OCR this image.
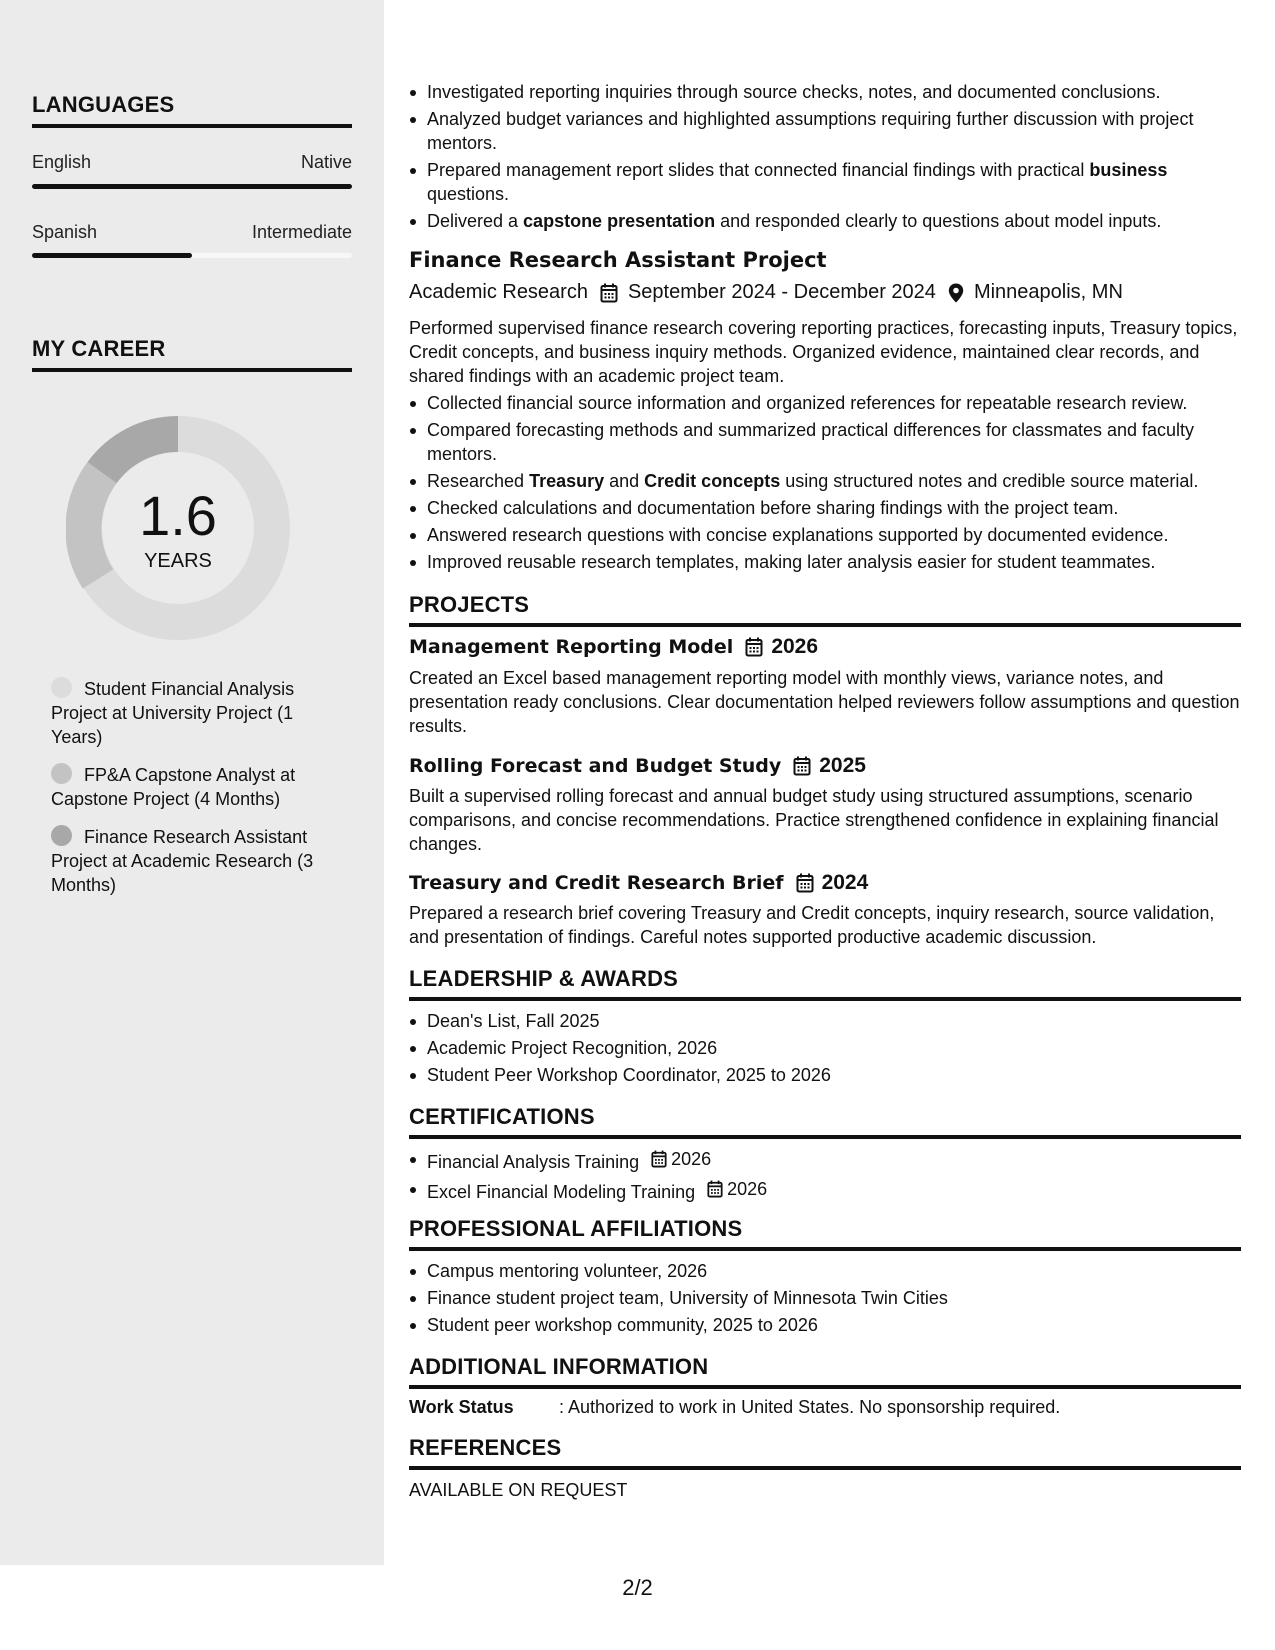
LANGUAGES
English	Native
Spanish	Intermediate
MY CAREER
1.6
YEARS
Student Financial Analysis Project at University Project (1 Years)
FP&A Capstone Analyst at Capstone Project (4 Months)
Finance Research Assistant Project at Academic Research (3 Months)
Investigated reporting inquiries through source checks, notes, and documented conclusions.
Analyzed budget variances and highlighted assumptions requiring further discussion with project mentors.
Prepared management report slides that connected financial findings with practical business questions.
Delivered a capstone presentation and responded clearly to questions about model inputs.
Finance Research Assistant Project
Academic Research September 2024 - December 2024 Minneapolis, MN
Performed supervised finance research covering reporting practices, forecasting inputs, Treasury topics, Credit concepts, and business inquiry methods. Organized evidence, maintained clear records, and shared findings with an academic project team.
Collected financial source information and organized references for repeatable research review.
Compared forecasting methods and summarized practical differences for classmates and faculty mentors.
Researched Treasury and Credit concepts using structured notes and credible source material.
Checked calculations and documentation before sharing findings with the project team.
Answered research questions with concise explanations supported by documented evidence.
Improved reusable research templates, making later analysis easier for student teammates.
PROJECTS
Management Reporting Model 2026
Created an Excel based management reporting model with monthly views, variance notes, and presentation ready conclusions. Clear documentation helped reviewers follow assumptions and question results.
Rolling Forecast and Budget Study 2025
Built a supervised rolling forecast and annual budget study using structured assumptions, scenario comparisons, and concise recommendations. Practice strengthened confidence in explaining financial changes.
Treasury and Credit Research Brief 2024
Prepared a research brief covering Treasury and Credit concepts, inquiry research, source validation, and presentation of findings. Careful notes supported productive academic discussion.
LEADERSHIP & AWARDS
Dean's List, Fall 2025
Academic Project Recognition, 2026
Student Peer Workshop Coordinator, 2025 to 2026
CERTIFICATIONS
Financial Analysis Training 2026
Excel Financial Modeling Training 2026
PROFESSIONAL AFFILIATIONS
Campus mentoring volunteer, 2026
Finance student project team, University of Minnesota Twin Cities
Student peer workshop community, 2025 to 2026
ADDITIONAL INFORMATION
Work Status	: Authorized to work in United States. No sponsorship required.
REFERENCES
AVAILABLE ON REQUEST
2/2
